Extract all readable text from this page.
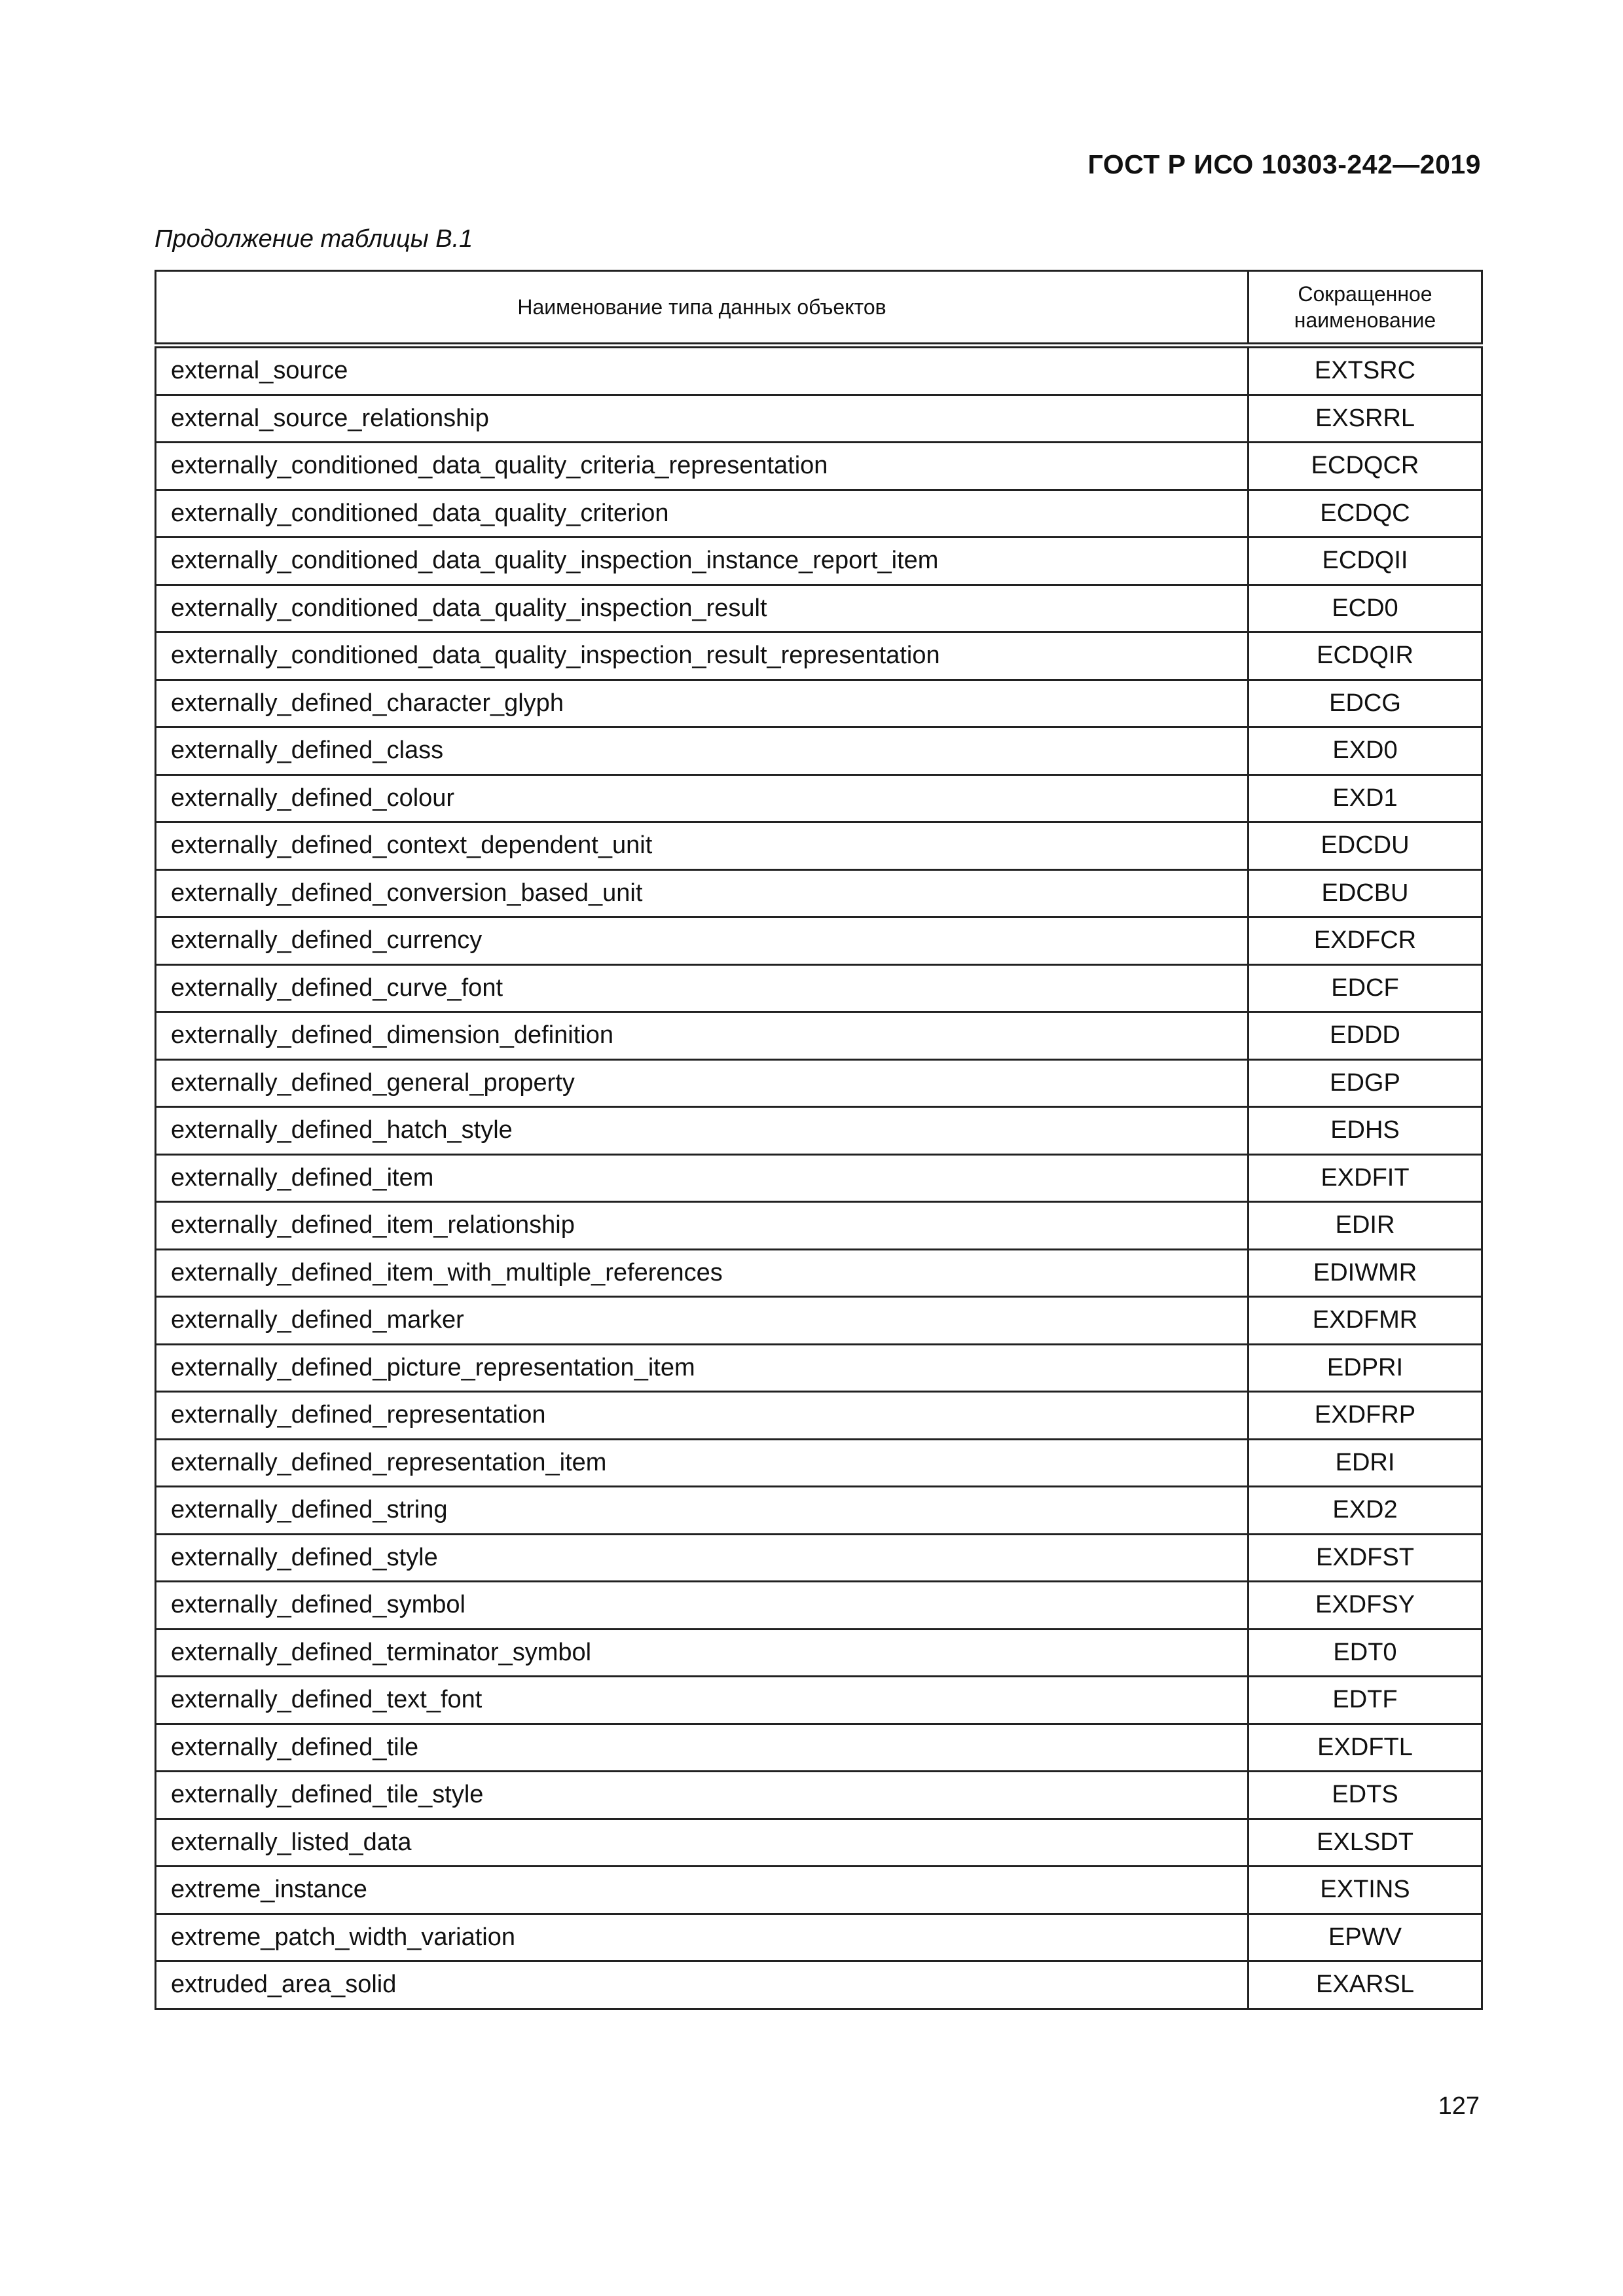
ГОСТ Р ИСО 10303-242—2019
Продолжение таблицы В.1
Наименование типа данных объектов	Сокращенное наименование
external_source	EXTSRC
external_source_relationship	EXSRRL
externally_conditioned_data_quality_criteria_representation	ECDQCR
externally_conditioned_data_quality_criterion	ECDQC
externally_conditioned_data_quality_inspection_instance_report_item	ECDQII
externally_conditioned_data_quality_inspection_result	ECD0
externally_conditioned_data_quality_inspection_result_representation	ECDQIR
externally_defined_character_glyph	EDCG
externally_defined_class	EXD0
externally_defined_colour	EXD1
externally_defined_context_dependent_unit	EDCDU
externally_defined_conversion_based_unit	EDCBU
externally_defined_currency	EXDFCR
externally_defined_curve_font	EDCF
externally_defined_dimension_definition	EDDD
externally_defined_general_property	EDGP
externally_defined_hatch_style	EDHS
externally_defined_item	EXDFIT
externally_defined_item_relationship	EDIR
externally_defined_item_with_multiple_references	EDIWMR
externally_defined_marker	EXDFMR
externally_defined_picture_representation_item	EDPRI
externally_defined_representation	EXDFRP
externally_defined_representation_item	EDRI
externally_defined_string	EXD2
externally_defined_style	EXDFST
externally_defined_symbol	EXDFSY
externally_defined_terminator_symbol	EDT0
externally_defined_text_font	EDTF
externally_defined_tile	EXDFTL
externally_defined_tile_style	EDTS
externally_listed_data	EXLSDT
extreme_instance	EXTINS
extreme_patch_width_variation	EPWV
extruded_area_solid	EXARSL
127
